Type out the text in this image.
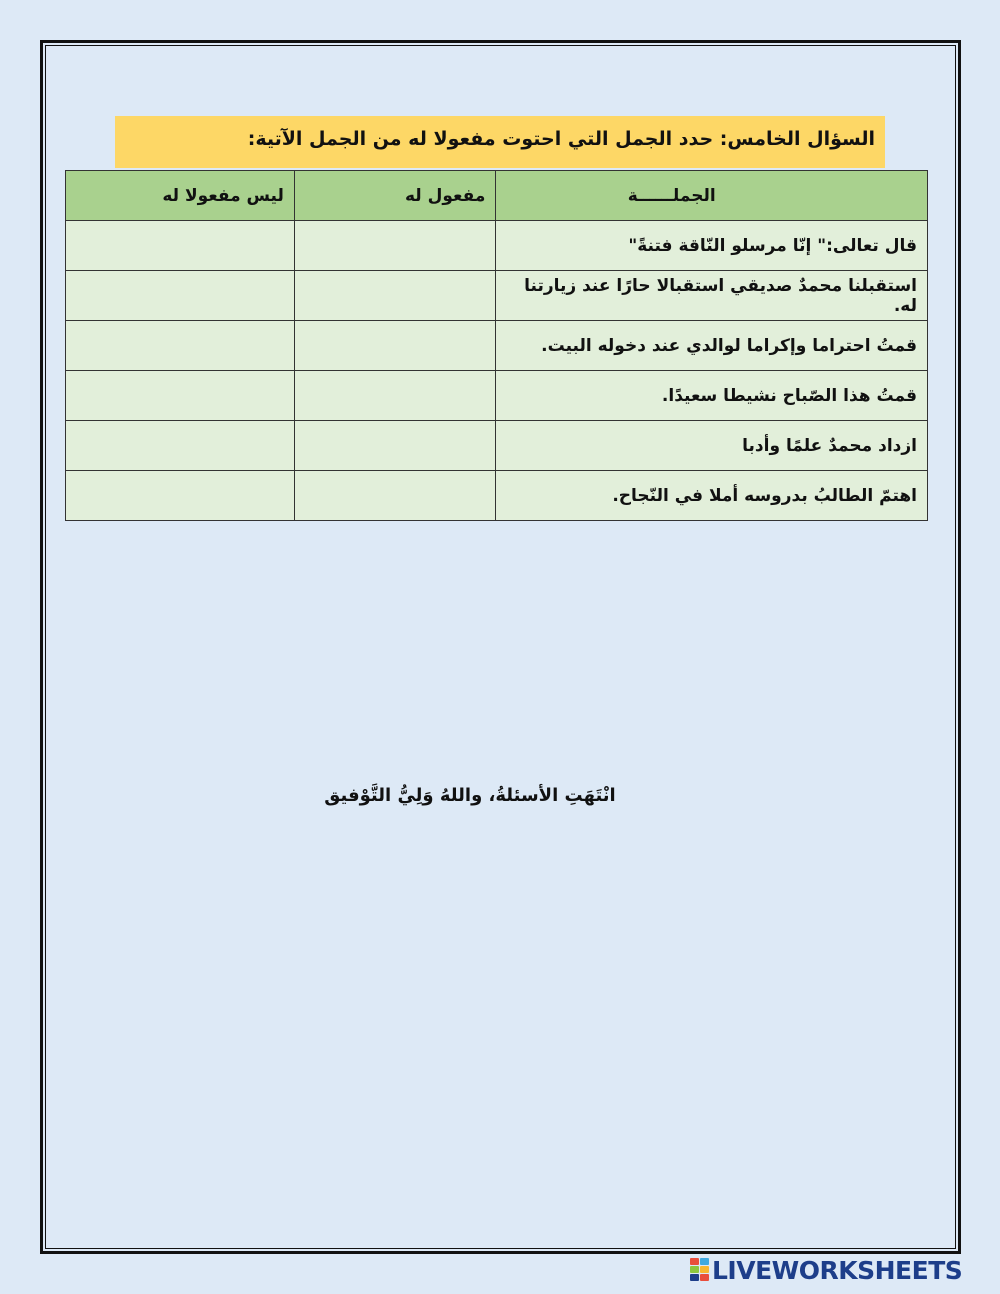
السؤال الخامس: حدد الجمل التي احتوت مفعولا له من الجمل الآتية:
الجملــــــة	مفعول له	ليس مفعولا له
قال تعالى:" إنّا مرسلو النّاقة فتنةً"		
استقبلنا محمدٌ صديقي استقبالا حارًا عند زيارتنا له.		
قمتُ احتراما وإكراما لوالدي عند دخوله البيت.		
قمتُ هذا الصّباح نشيطا سعيدًا.		
ازداد محمدٌ علمًا وأدبا		
اهتمّ الطالبُ بدروسه أملا في النّجاح.		
انْتَهَتِ الأسئلةُ، واللهُ وَلِيُّ التَّوْفيق
LIVEWORKSHEETS
